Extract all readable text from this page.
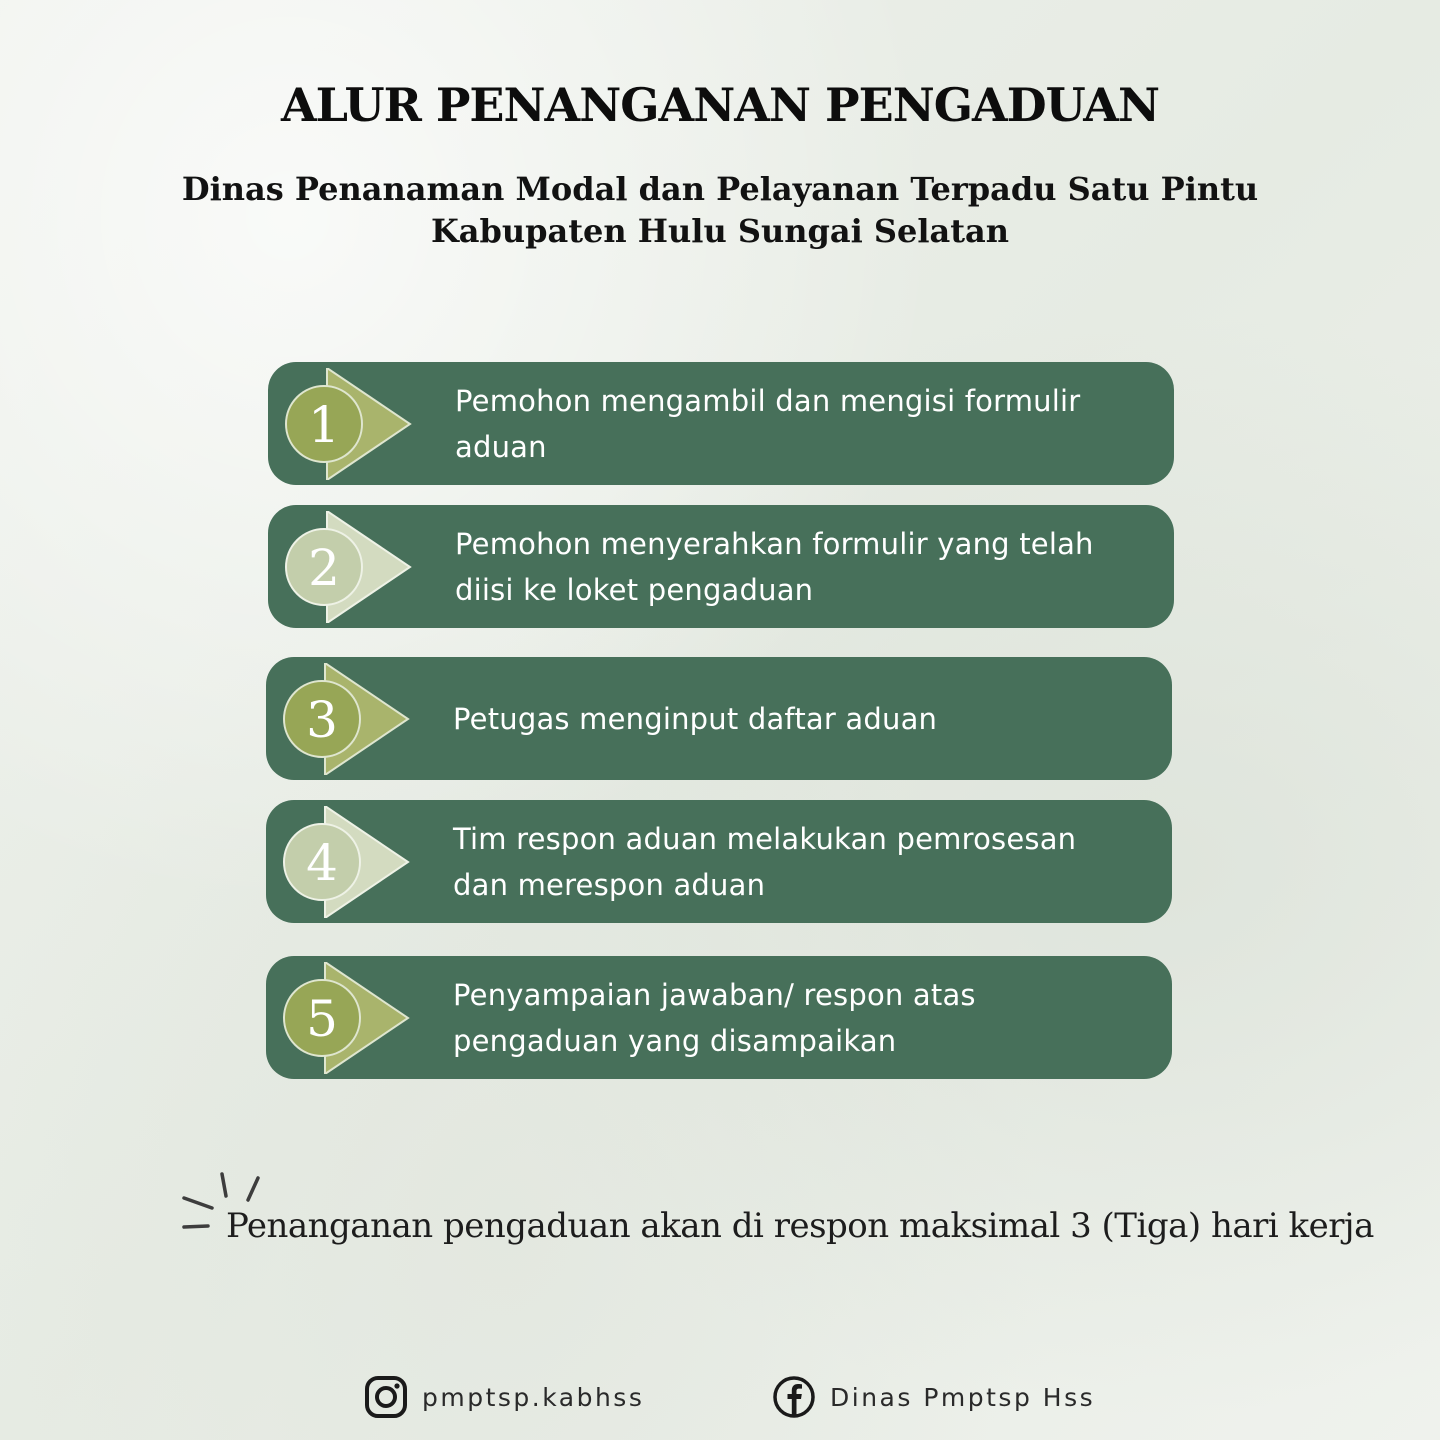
ALUR PENANGANAN PENGADUAN
Dinas Penanaman Modal dan Pelayanan Terpadu Satu Pintu
Kabupaten Hulu Sungai Selatan
1	Pemohon mengambil dan mengisi formulir aduan
2	Pemohon menyerahkan formulir yang telah diisi ke loket pengaduan
3	Petugas menginput daftar aduan
4	Tim respon aduan melakukan pemrosesan dan merespon aduan
5	Penyampaian jawaban/ respon atas pengaduan yang disampaikan
Penanganan pengaduan akan di respon maksimal 3 (Tiga) hari kerja
pmptsp.kabhss	Dinas Pmptsp Hss
